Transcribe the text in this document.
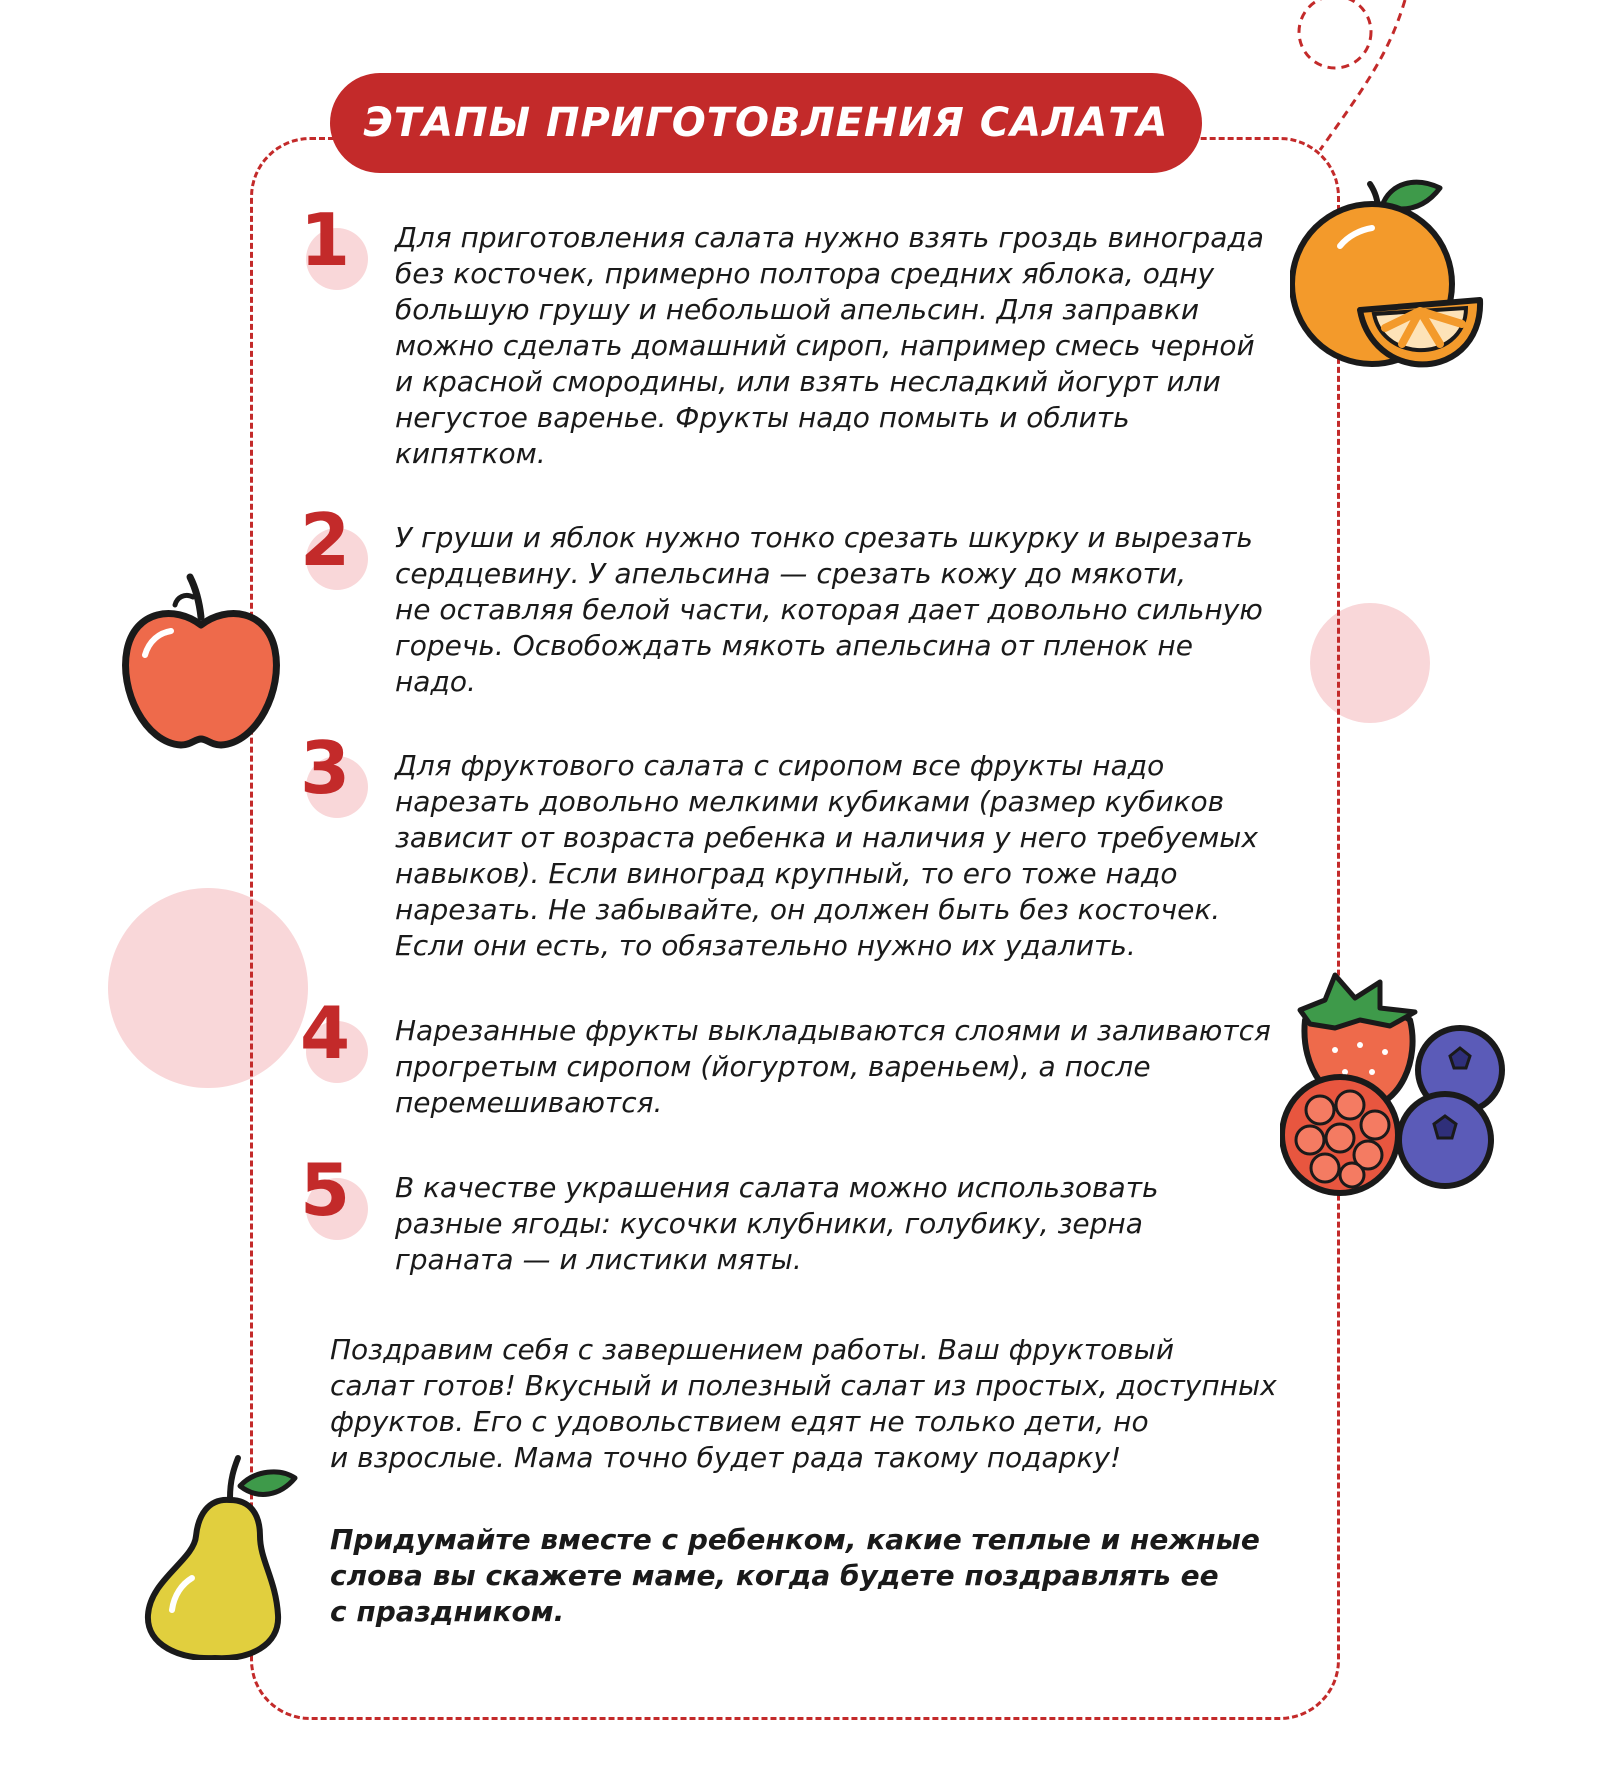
ЭТАПЫ ПРИГОТОВЛЕНИЯ САЛАТА
1 Для приготовления салата нужно взять гроздь винограда
без косточек, примерно полтора средних яблока, одну
большую грушу и небольшой апельсин. Для заправки
можно сделать домашний сироп, например смесь черной
и красной смородины, или взять несладкий йогурт или
негустое варенье. Фрукты надо помыть и облить
кипятком.

2 У груши и яблок нужно тонко срезать шкурку и вырезать
сердцевину. У апельсина — срезать кожу до мякоти,
не оставляя белой части, которая дает довольно сильную
горечь. Освобождать мякоть апельсина от пленок не
надо.

3 Для фруктового салата с сиропом все фрукты надо
нарезать довольно мелкими кубиками (размер кубиков
зависит от возраста ребенка и наличия у него требуемых
навыков). Если виноград крупный, то его тоже надо
нарезать. Не забывайте, он должен быть без косточек.
Если они есть, то обязательно нужно их удалить.

4 Нарезанные фрукты выкладываются слоями и заливаются
прогретым сиропом (йогуртом, вареньем), а после
перемешиваются.

5 В качестве украшения салата можно использовать
разные ягоды: кусочки клубники, голубику, зерна
граната — и листики мяты.

Поздравим себя с завершением работы. Ваш фруктовый
салат готов! Вкусный и полезный салат из простых, доступных
фруктов. Его с удовольствием едят не только дети, но
и взрослые. Мама точно будет рада такому подарку!

Придумайте вместе с ребенком, какие теплые и нежные
слова вы скажете маме, когда будете поздравлять ее
с праздником.
